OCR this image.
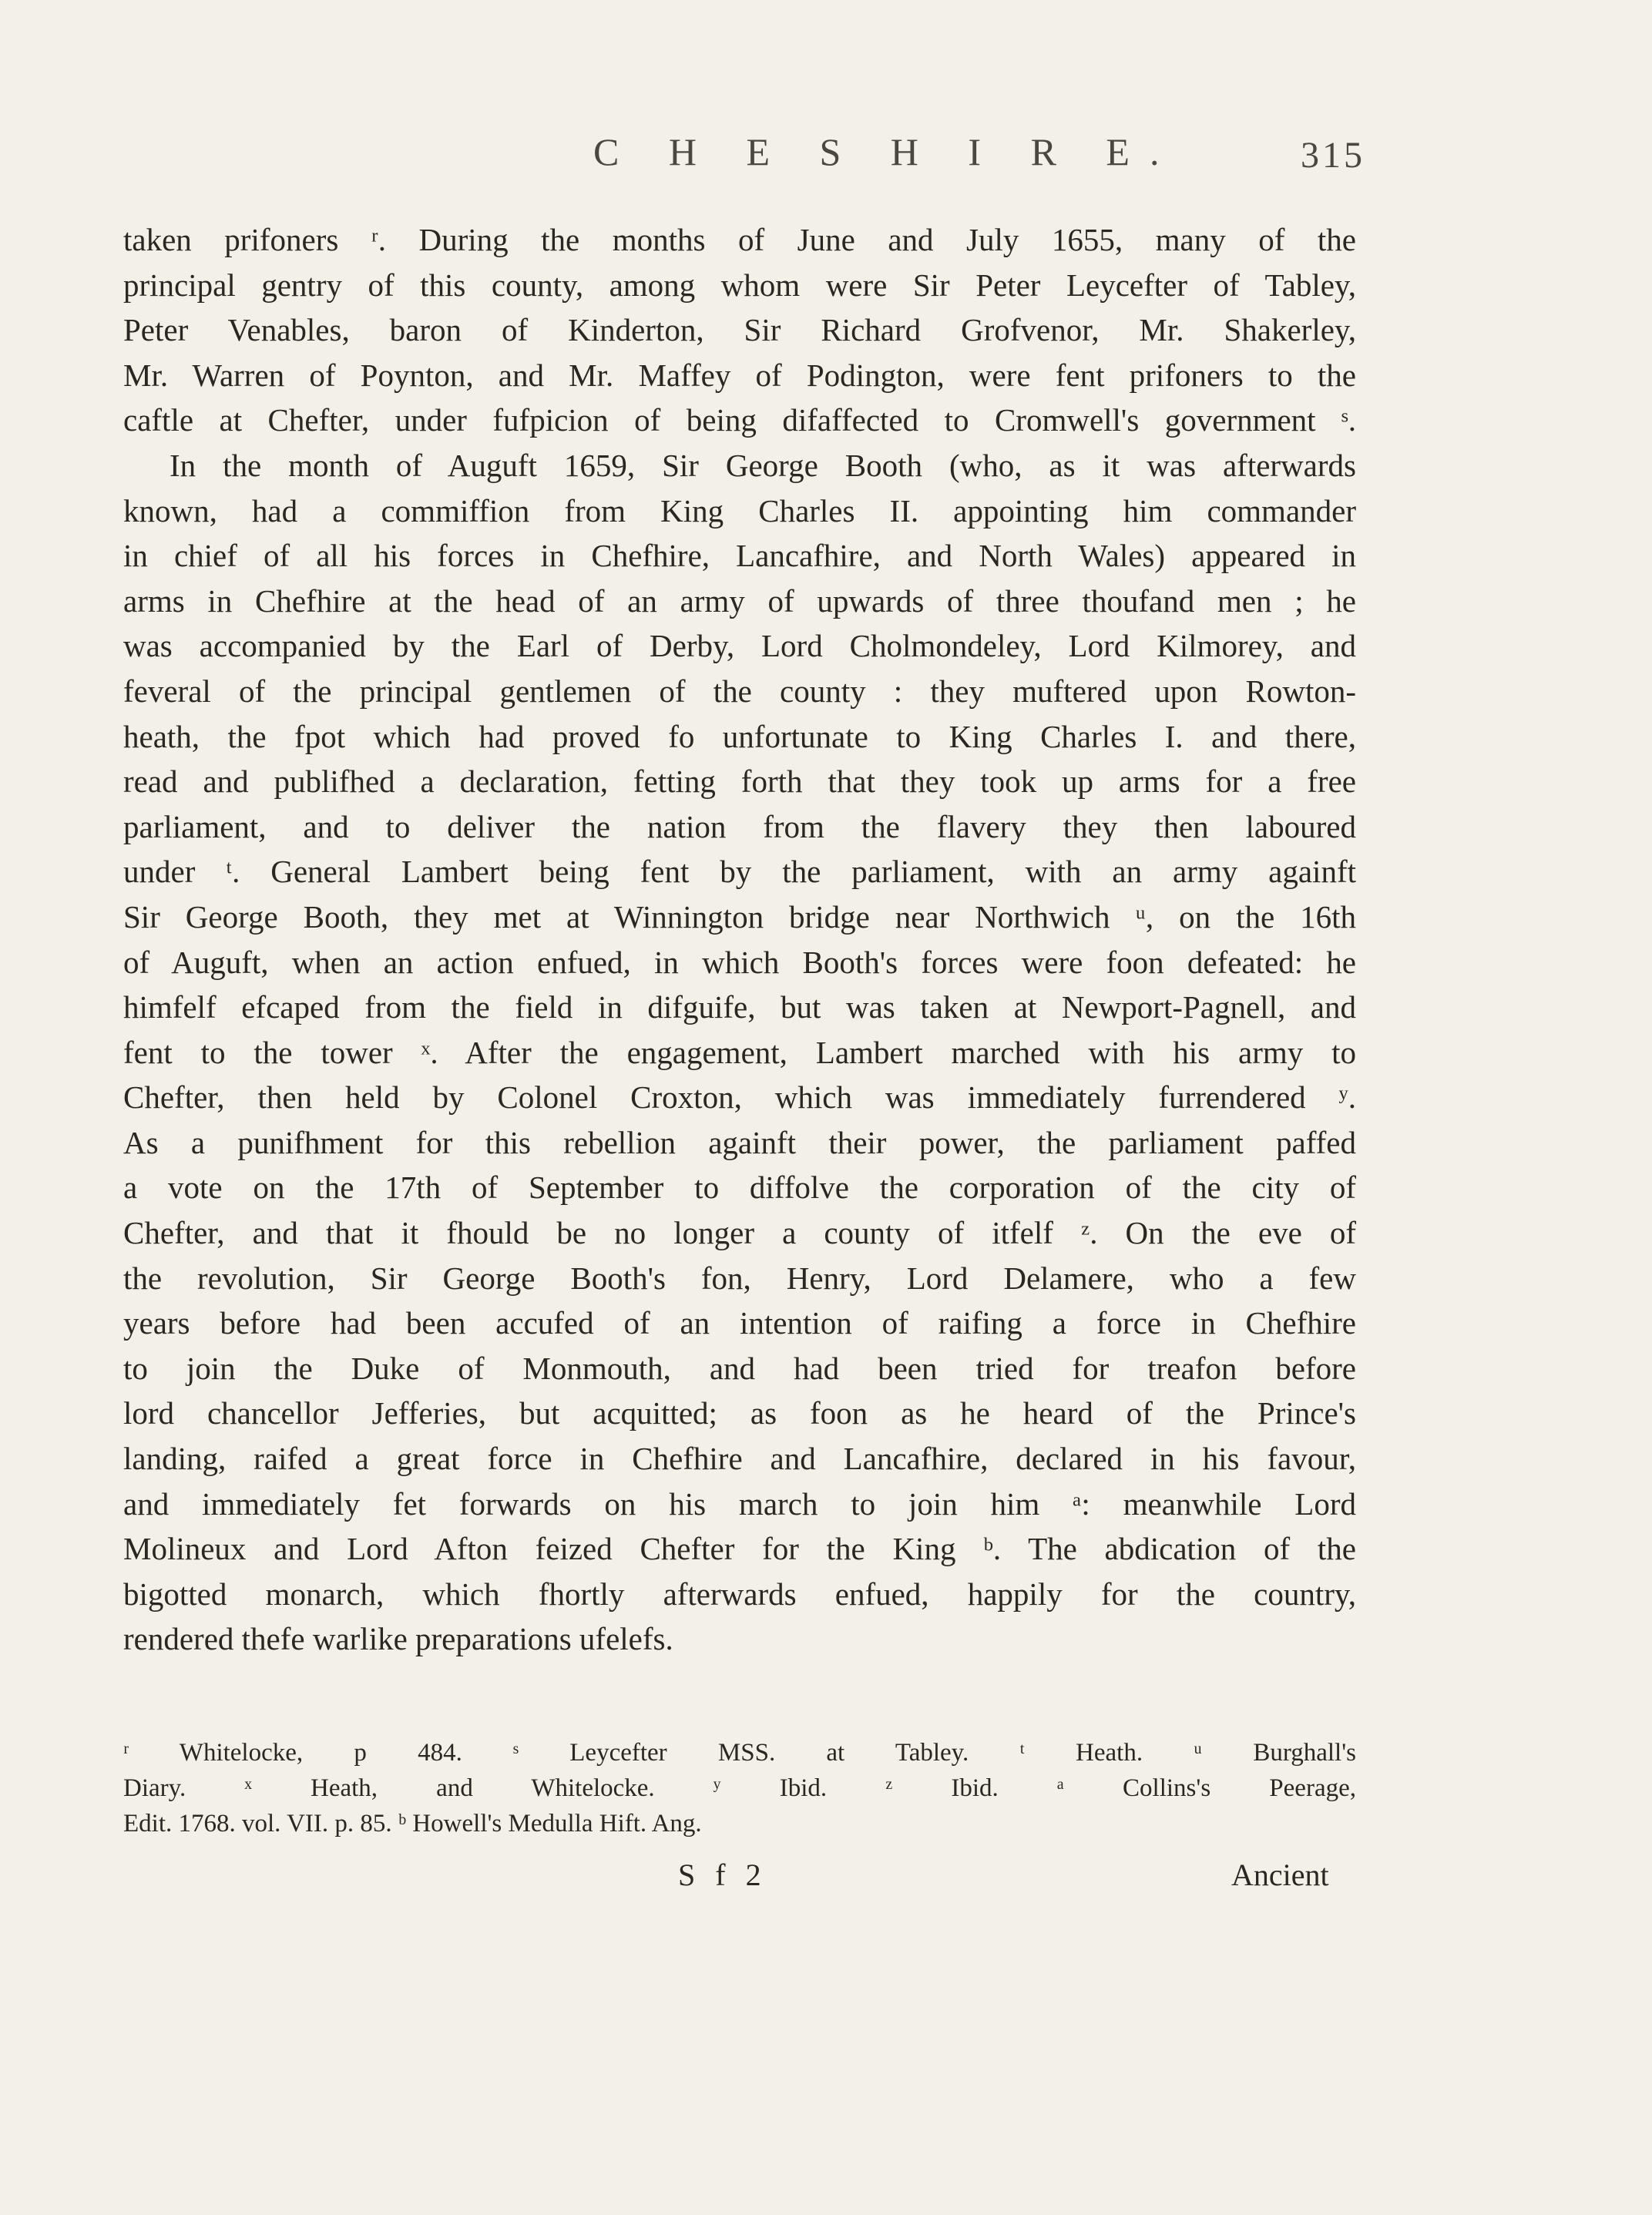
C H E S H I R E.	315
taken prifoners ʳ. During the months of June and July 1655, many of the
principal gentry of this county, among whom were Sir Peter Leycefter of Tabley,
Peter Venables, baron of Kinderton, Sir Richard Grofvenor, Mr. Shakerley,
Mr. Warren of Poynton, and Mr. Maffey of Podington, were fent prifoners to the
caftle at Chefter, under fufpicion of being difaffected to Cromwell's government ˢ.
In the month of Auguft 1659, Sir George Booth (who, as it was afterwards
known, had a commiffion from King Charles II. appointing him commander
in chief of all his forces in Chefhire, Lancafhire, and North Wales) appeared in
arms in Chefhire at the head of an army of upwards of three thoufand men ; he
was accompanied by the Earl of Derby, Lord Cholmondeley, Lord Kilmorey, and
feveral of the principal gentlemen of the county : they muftered upon Rowton-
heath, the fpot which had proved fo unfortunate to King Charles I. and there,
read and publifhed a declaration, fetting forth that they took up arms for a free
parliament, and to deliver the nation from the flavery they then laboured
under ᵗ. General Lambert being fent by the parliament, with an army againft
Sir George Booth, they met at Winnington bridge near Northwich ᵘ, on the 16th
of Auguft, when an action enfued, in which Booth's forces were foon defeated: he
himfelf efcaped from the field in difguife, but was taken at Newport-Pagnell, and
fent to the tower ˣ. After the engagement, Lambert marched with his army to
Chefter, then held by Colonel Croxton, which was immediately furrendered ʸ.
As a punifhment for this rebellion againft their power, the parliament paffed
a vote on the 17th of September to diffolve the corporation of the city of
Chefter, and that it fhould be no longer a county of itfelf ᶻ. On the eve of
the revolution, Sir George Booth's fon, Henry, Lord Delamere, who a few
years before had been accufed of an intention of raifing a force in Chefhire
to join the Duke of Monmouth, and had been tried for treafon before
lord chancellor Jefferies, but acquitted; as foon as he heard of the Prince's
landing, raifed a great force in Chefhire and Lancafhire, declared in his favour,
and immediately fet forwards on his march to join him ᵃ: meanwhile Lord
Molineux and Lord Afton feized Chefter for the King ᵇ. The abdication of the
bigotted monarch, which fhortly afterwards enfued, happily for the country,
rendered thefe warlike preparations ufelefs.
ʳ Whitelocke, p 484. ˢ Leycefter MSS. at Tabley. ᵗ Heath. ᵘ Burghall's
Diary. ˣ Heath, and Whitelocke. ʸ Ibid. ᶻ Ibid. ᵃ Collins's Peerage,
Edit. 1768. vol. VII. p. 85. ᵇ Howell's Medulla Hift. Ang.
S f 2	Ancient
